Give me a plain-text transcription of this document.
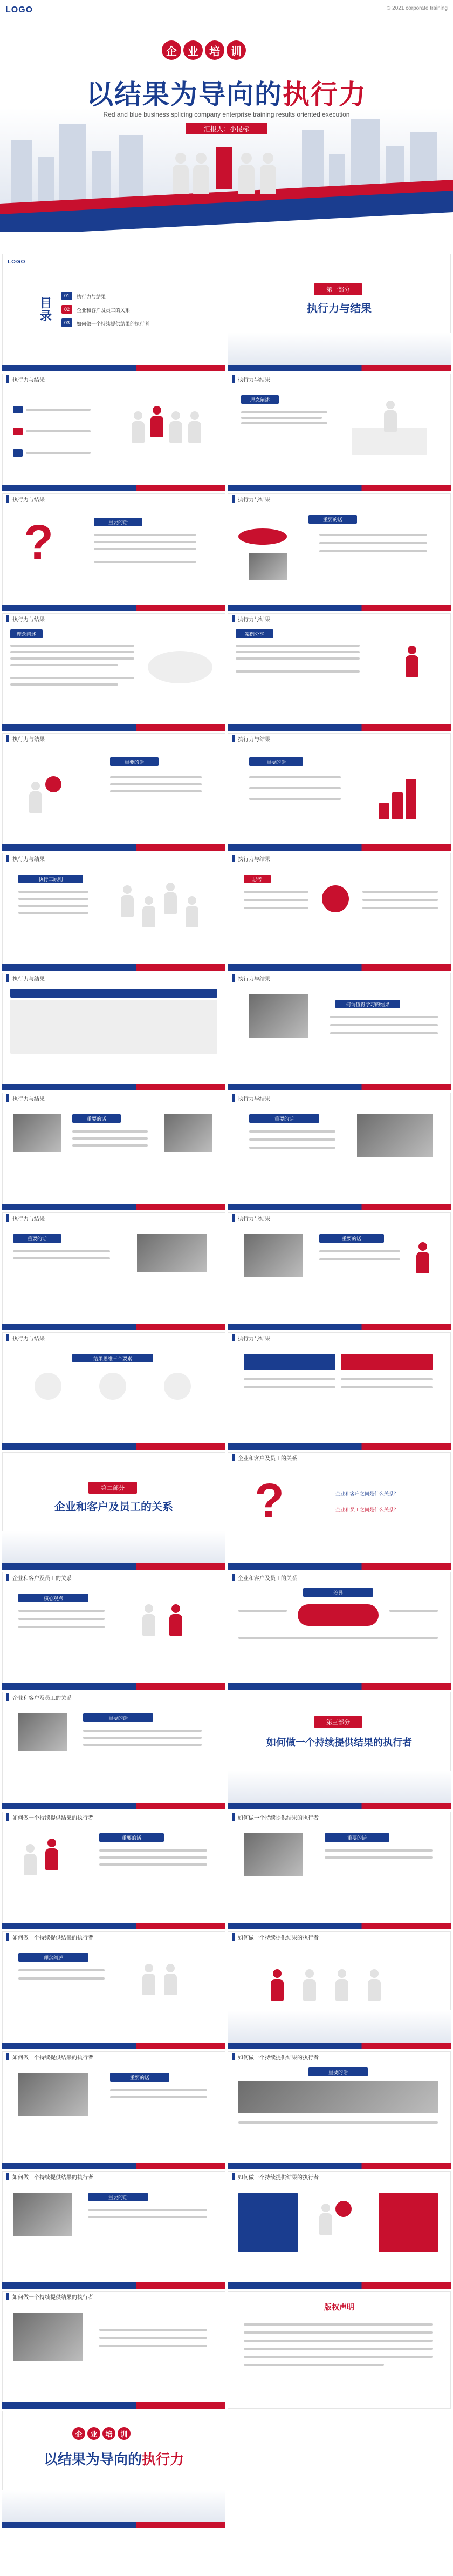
LOGO	© 2021 corporate training
企	业	培	训
以结果为导向的执行力
Red and blue business splicing company enterprise training results oriented execution
汇报人：小昆标
LOGO
目录
01	执行力与结果
02	企业和客户及员工的关系
03	如何做一个持续提供结果的执行者
第一部分
执行力与结果
执行力与结果	执行力与结果
理念阐述
执行力与结果
?	重要的话
执行力与结果
重要的话
执行力与结果
理念阐述
执行力与结果
案例分享
执行力与结果
重要的话
执行力与结果
重要的话
执行力与结果
执行三原则
执行力与结果
思考
执行力与结果	执行力与结果
何谓值得学习的结果
执行力与结果
重要的话
执行力与结果
重要的话
执行力与结果
重要的话
执行力与结果
重要的话
执行力与结果
结果思维三个要素
执行力与结果
第二部分
企业和客户及员工的关系
企业和客户及员工的关系
?	企业和客户之间是什么关系？
企业和员工之间是什么关系？
企业和客户及员工的关系
核心观点
企业和客户及员工的关系
差异
企业和客户及员工的关系
重要的话
第三部分
如何做一个持续提供结果的执行者
如何做一个持续提供结果的执行者
重要的话
如何做一个持续提供结果的执行者
重要的话
如何做一个持续提供结果的执行者
理念阐述
如何做一个持续提供结果的执行者
如何做一个持续提供结果的执行者
重要的话
如何做一个持续提供结果的执行者
重要的话
如何做一个持续提供结果的执行者
重要的话
如何做一个持续提供结果的执行者
如何做一个持续提供结果的执行者
版权声明
企	业	培	训
以结果为导向的执行力
